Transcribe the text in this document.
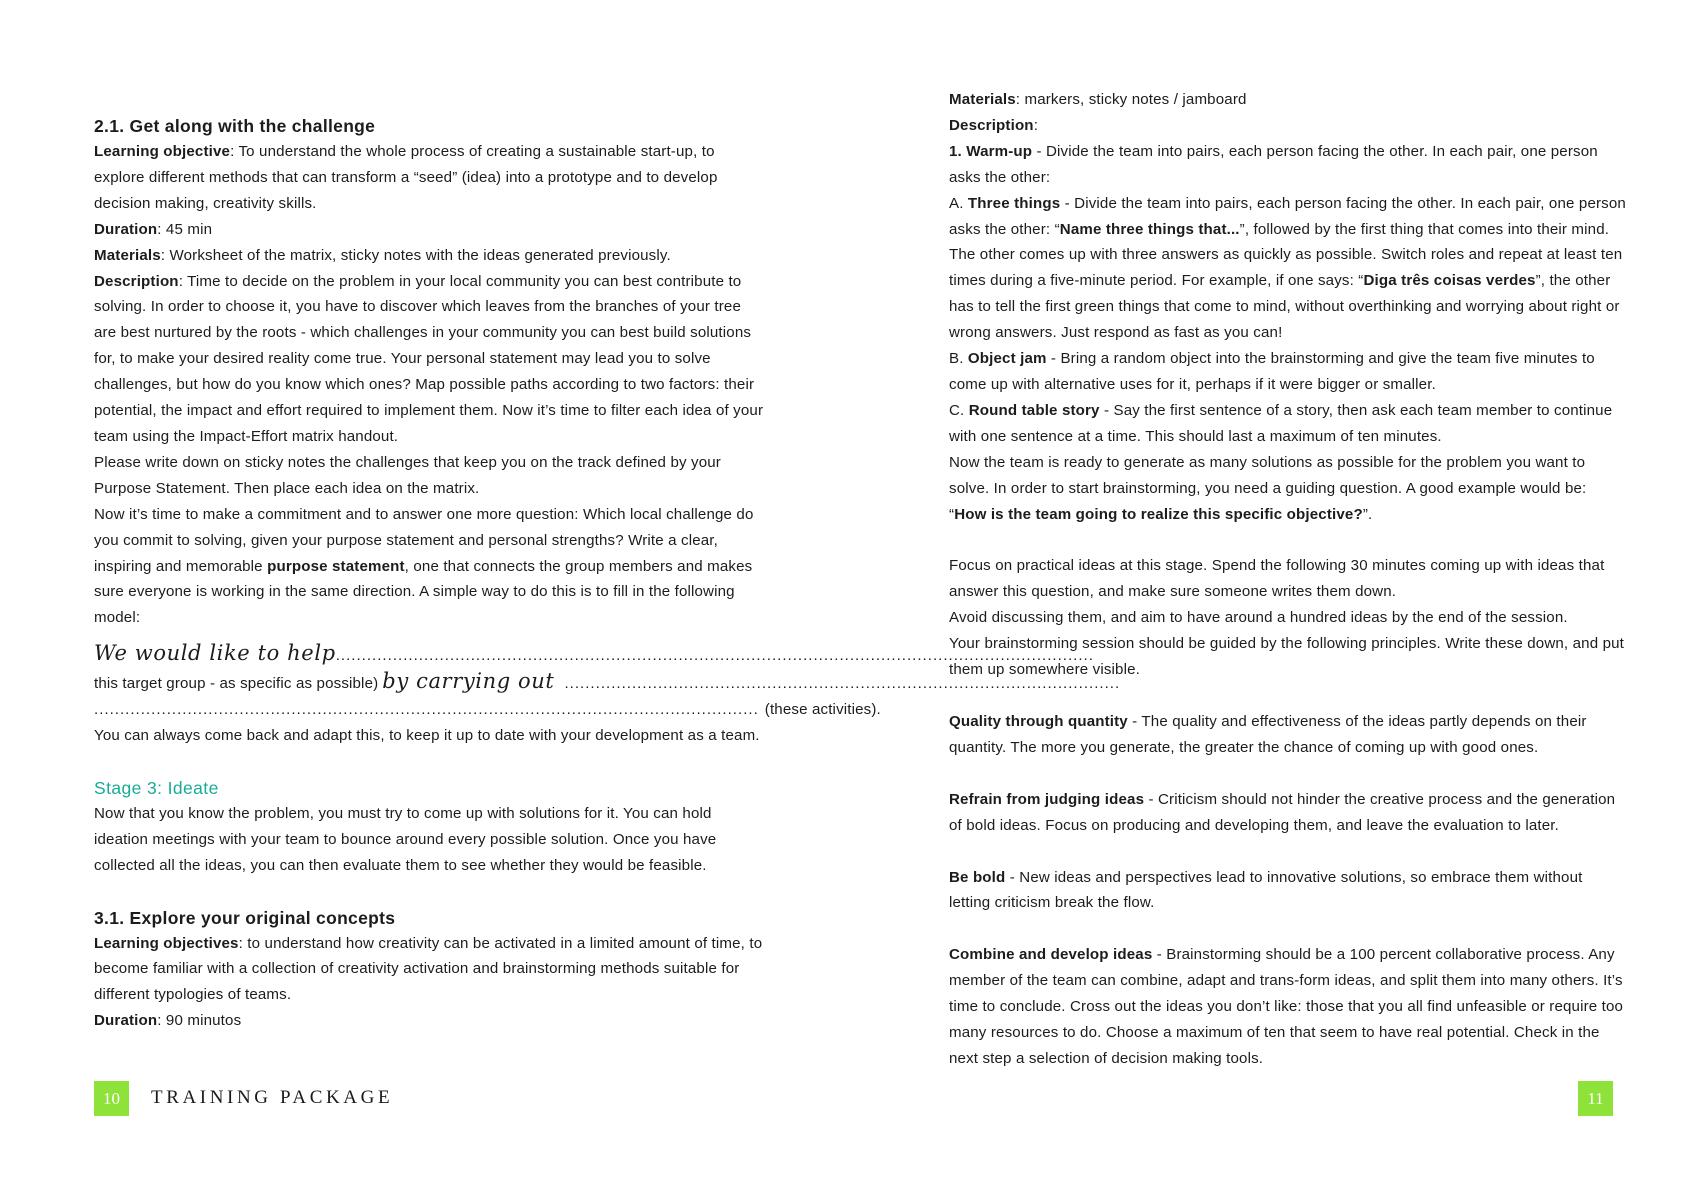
2.1. Get along with the challenge

Learning objective: To understand the whole process of creating a sustainable start-up, to explore different methods that can transform a “seed” (idea) into a prototype and to develop decision making, creativity skills.

Duration: 45 min

Materials: Worksheet of the matrix, sticky notes with the ideas generated previously.

Description: Time to decide on the problem in your local community you can best contribute to solving. In order to choose it, you have to discover which leaves from the branches of your tree are best nurtured by the roots - which challenges in your community you can best build solutions for, to make your desired reality come true. Your personal statement may lead you to solve challenges, but how do you know which ones? Map possible paths according to two factors: their potential, the impact and effort required to implement them. Now it’s time to filter each idea of your team using the Impact-Effort matrix handout.

Please write down on sticky notes the challenges that keep you on the track defined by your Purpose Statement. Then place each idea on the matrix.

Now it’s time to make a commitment and to answer one more question: Which local challenge do you commit to solving, given your purpose statement and personal strengths? Write a clear, inspiring and memorable purpose statement, one that connects the group members and makes sure everyone is working in the same direction. A simple way to do this is to fill in the following model:

We would like to help ..................................................................................................................................................
this target group - as specific as possible) by carrying out ...........................................................................................................
................................................................................................................................ (these activities).

You can always come back and adapt this, to keep it up to date with your development as a team.

Stage 3: Ideate

Now that you know the problem, you must try to come up with solutions for it. You can hold ideation meetings with your team to bounce around every possible solution. Once you have collected all the ideas, you can then evaluate them to see whether they would be feasible.

3.1. Explore your original concepts

Learning objectives: to understand how creativity can be activated in a limited amount of time, to become familiar with a collection of creativity activation and brainstorming methods suitable for different typologies of teams.

Duration: 90 minutos

Materials: markers, sticky notes / jamboard

Description:

1. Warm-up - Divide the team into pairs, each person facing the other. In each pair, one person asks the other:

A. Three things - Divide the team into pairs, each person facing the other. In each pair, one person asks the other: “Name three things that...”, followed by the first thing that comes into their mind. The other comes up with three answers as quickly as possible. Switch roles and repeat at least ten times during a five-minute period. For example, if one says: “Diga três coisas verdes”, the other has to tell the first green things that come to mind, without overthinking and worrying about right or wrong answers. Just respond as fast as you can!

B. Object jam - Bring a random object into the brainstorming and give the team five minutes to come up with alternative uses for it, perhaps if it were bigger or smaller.

C. Round table story - Say the first sentence of a story, then ask each team member to continue with one sentence at a time. This should last a maximum of ten minutes.

Now the team is ready to generate as many solutions as possible for the problem you want to solve. In order to start brainstorming, you need a guiding question. A good example would be: “How is the team going to realize this specific objective?”.

Focus on practical ideas at this stage. Spend the following 30 minutes coming up with ideas that answer this question, and make sure someone writes them down.

Avoid discussing them, and aim to have around a hundred ideas by the end of the session.

Your brainstorming session should be guided by the following principles. Write these down, and put them up somewhere visible.

Quality through quantity - The quality and effectiveness of the ideas partly depends on their quantity. The more you generate, the greater the chance of coming up with good ones.

Refrain from judging ideas - Criticism should not hinder the creative process and the generation of bold ideas. Focus on producing and developing them, and leave the evaluation to later.

Be bold - New ideas and perspectives lead to innovative solutions, so embrace them without letting criticism break the flow.

Combine and develop ideas - Brainstorming should be a 100 percent collaborative process. Any member of the team can combine, adapt and trans-form ideas, and split them into many others. It’s time to conclude. Cross out the ideas you don’t like: those that you all find unfeasible or require too many resources to do. Choose a maximum of ten that seem to have real potential. Check in the next step a selection of decision making tools.

10	TRAINING PACKAGE	11
